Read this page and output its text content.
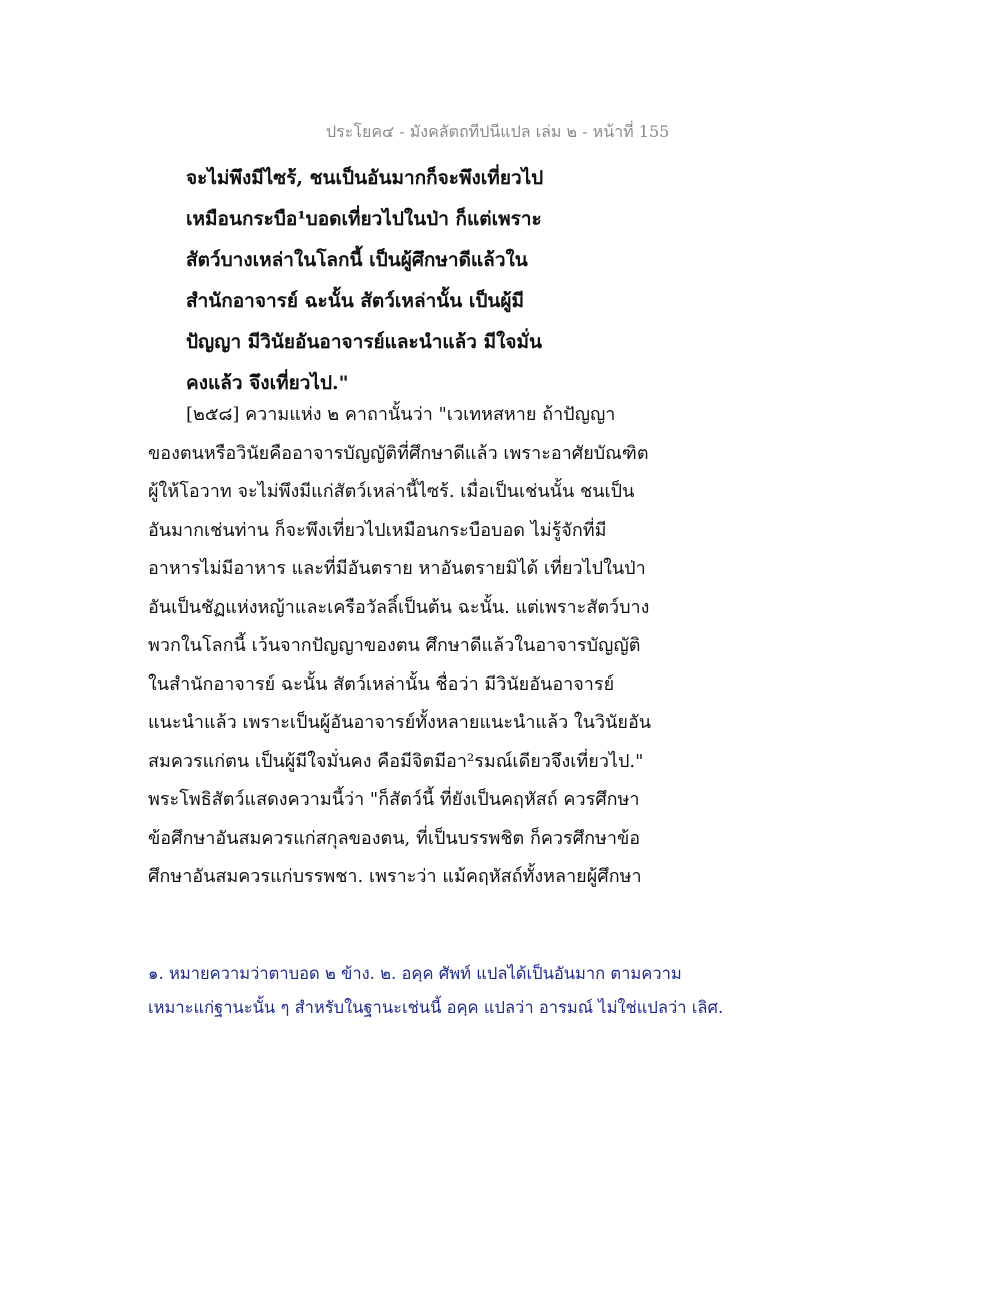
ประโยค๔ - มังคลัตถทีปนีแปล เล่ม ๒ - หน้าที่ 155
จะไม่พึงมีไซร้, ชนเป็นอันมากก็จะพึงเที่ยวไป
เหมือนกระบือ¹บอดเที่ยวไปในป่า ก็แต่เพราะ
สัตว์บางเหล่าในโลกนี้ เป็นผู้ศึกษาดีแล้วใน
สำนักอาจารย์ ฉะนั้น สัตว์เหล่านั้น เป็นผู้มี
ปัญญา มีวินัยอันอาจารย์และนำแล้ว มีใจมั่น
คงแล้ว จึงเที่ยวไป."
[๒๕๘] ความแห่ง ๒ คาถานั้นว่า "เวเทหสหาย ถ้าปัญญา
ของตนหรือวินัยคืออาจารบัญญัติที่ศึกษาดีแล้ว เพราะอาศัยบัณฑิต
ผู้ให้โอวาท จะไม่พึงมีแก่สัตว์เหล่านี้ไซร้. เมื่อเป็นเช่นนั้น ชนเป็น
อันมากเช่นท่าน ก็จะพึงเที่ยวไปเหมือนกระบือบอด ไม่รู้จักที่มี
อาหารไม่มีอาหาร และที่มีอันตราย หาอันตรายมิได้ เที่ยวไปในป่า
อันเป็นชัฏแห่งหญ้าและเครือวัลลิ์เป็นต้น ฉะนั้น. แต่เพราะสัตว์บาง
พวกในโลกนี้ เว้นจากปัญญาของตน ศึกษาดีแล้วในอาจารบัญญัติ
ในสำนักอาจารย์ ฉะนั้น สัตว์เหล่านั้น ชื่อว่า มีวินัยอันอาจารย์
แนะนำแล้ว เพราะเป็นผู้อันอาจารย์ทั้งหลายแนะนำแล้ว ในวินัยอัน
สมควรแก่ตน เป็นผู้มีใจมั่นคง คือมีจิตมีอา²รมณ์เดียวจึงเที่ยวไป."
พระโพธิสัตว์แสดงความนี้ว่า "ก็สัตว์นี้ ที่ยังเป็นคฤหัสถ์ ควรศึกษา
ข้อศึกษาอันสมควรแก่สกุลของตน, ที่เป็นบรรพชิต ก็ควรศึกษาข้อ
ศึกษาอันสมควรแก่บรรพชา. เพราะว่า แม้คฤหัสถ์ทั้งหลายผู้ศึกษา
๑. หมายความว่าตาบอด ๒ ข้าง. ๒. อคฺค ศัพท์ แปลได้เป็นอันมาก ตามความ
เหมาะแก่ฐานะนั้น ๆ สำหรับในฐานะเช่นนี้ อคฺค แปลว่า อารมณ์ ไม่ใช่แปลว่า เลิศ.
